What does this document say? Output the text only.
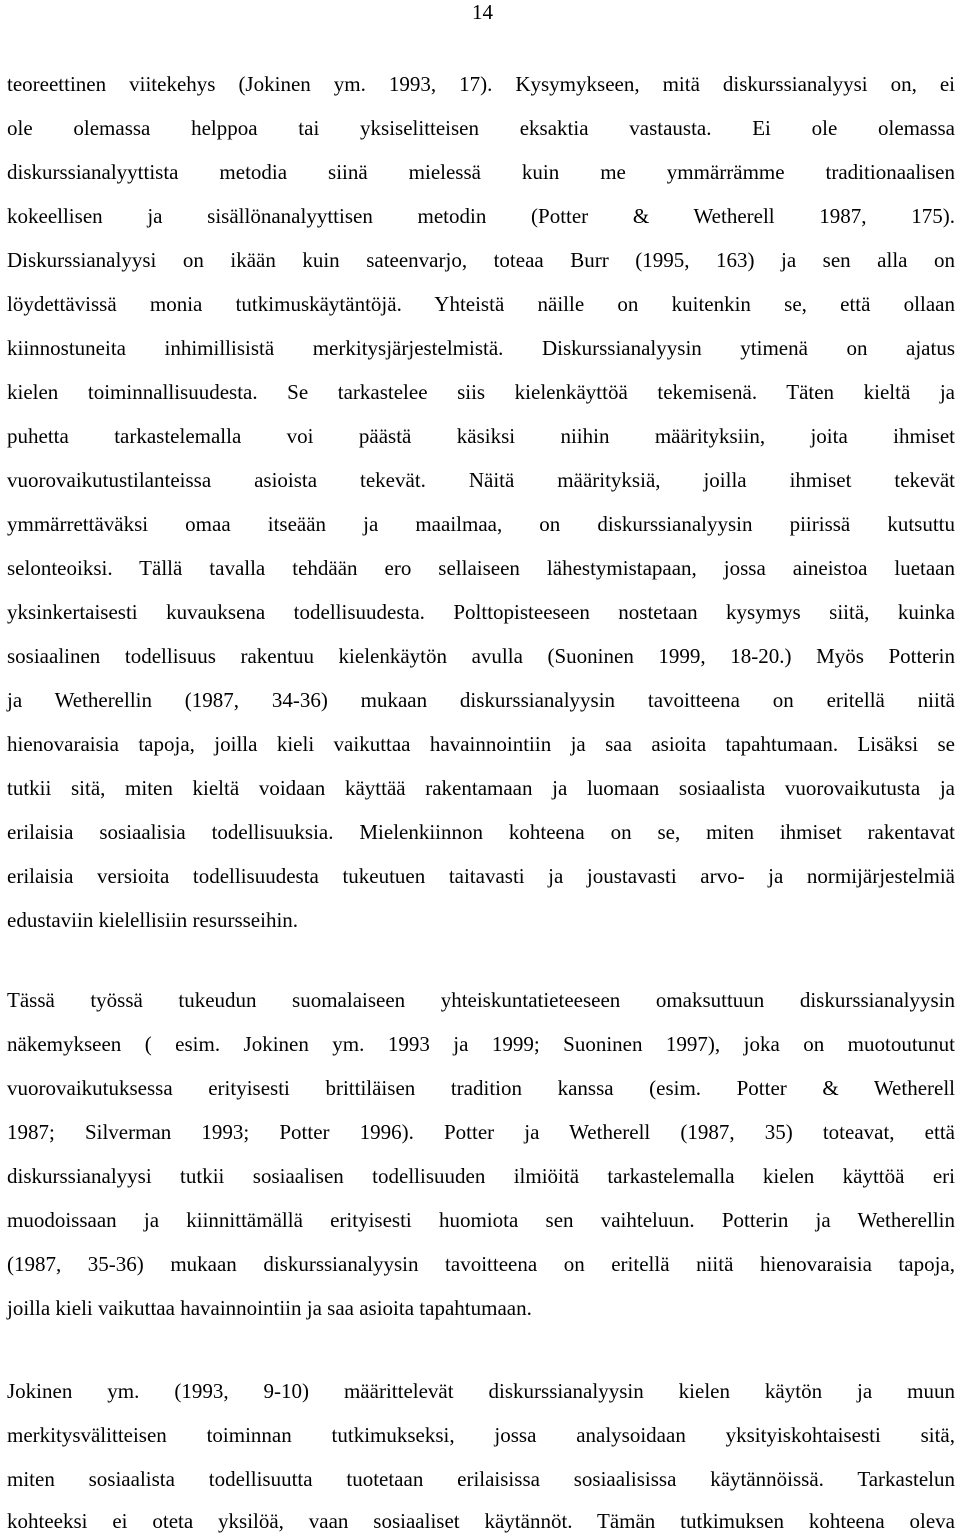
14
teoreettinen viitekehys (Jokinen ym. 1993, 17). Kysymykseen, mitä diskurssianalyysi on, ei
ole olemassa helppoa tai yksiselitteisen eksaktia vastausta. Ei ole olemassa
diskurssianalyyttista metodia siinä mielessä kuin me ymmärrämme traditionaalisen
kokeellisen ja sisällönanalyyttisen metodin (Potter & Wetherell 1987, 175).
Diskurssianalyysi on ikään kuin sateenvarjo, toteaa Burr (1995, 163) ja sen alla on
löydettävissä monia tutkimuskäytäntöjä. Yhteistä näille on kuitenkin se, että ollaan
kiinnostuneita inhimillisistä merkitysjärjestelmistä. Diskurssianalyysin ytimenä on ajatus
kielen toiminnallisuudesta. Se tarkastelee siis kielenkäyttöä tekemisenä. Täten kieltä ja
puhetta tarkastelemalla voi päästä käsiksi niihin määrityksiin, joita ihmiset
vuorovaikutustilanteissa asioista tekevät. Näitä määrityksiä, joilla ihmiset tekevät
ymmärrettäväksi omaa itseään ja maailmaa, on diskurssianalyysin piirissä kutsuttu
selonteoiksi. Tällä tavalla tehdään ero sellaiseen lähestymistapaan, jossa aineistoa luetaan
yksinkertaisesti kuvauksena todellisuudesta. Polttopisteeseen nostetaan kysymys siitä, kuinka
sosiaalinen todellisuus rakentuu kielenkäytön avulla (Suoninen 1999, 18-20.) Myös Potterin
ja Wetherellin (1987, 34-36) mukaan diskurssianalyysin tavoitteena on eritellä niitä
hienovaraisia tapoja, joilla kieli vaikuttaa havainnointiin ja saa asioita tapahtumaan. Lisäksi se
tutkii sitä, miten kieltä voidaan käyttää rakentamaan ja luomaan sosiaalista vuorovaikutusta ja
erilaisia sosiaalisia todellisuuksia. Mielenkiinnon kohteena on se, miten ihmiset rakentavat
erilaisia versioita todellisuudesta tukeutuen taitavasti ja joustavasti arvo- ja normijärjestelmiä
edustaviin kielellisiin resursseihin.
Tässä työssä tukeudun suomalaiseen yhteiskuntatieteeseen omaksuttuun diskurssianalyysin
näkemykseen ( esim. Jokinen ym. 1993 ja 1999; Suoninen 1997), joka on muotoutunut
vuorovaikutuksessa erityisesti brittiläisen tradition kanssa (esim. Potter & Wetherell
1987; Silverman 1993; Potter 1996). Potter ja Wetherell (1987, 35) toteavat, että
diskurssianalyysi tutkii sosiaalisen todellisuuden ilmiöitä tarkastelemalla kielen käyttöä eri
muodoissaan ja kiinnittämällä erityisesti huomiota sen vaihteluun. Potterin ja Wetherellin
(1987, 35-36) mukaan diskurssianalyysin tavoitteena on eritellä niitä hienovaraisia tapoja,
joilla kieli vaikuttaa havainnointiin ja saa asioita tapahtumaan.
Jokinen ym. (1993, 9-10) määrittelevät diskurssianalyysin kielen käytön ja muun
merkitysvälitteisen toiminnan tutkimukseksi, jossa analysoidaan yksityiskohtaisesti sitä,
miten sosiaalista todellisuutta tuotetaan erilaisissa sosiaalisissa käytännöissä. Tarkastelun
kohteeksi ei oteta yksilöä, vaan sosiaaliset käytännöt. Tämän tutkimuksen kohteena oleva
